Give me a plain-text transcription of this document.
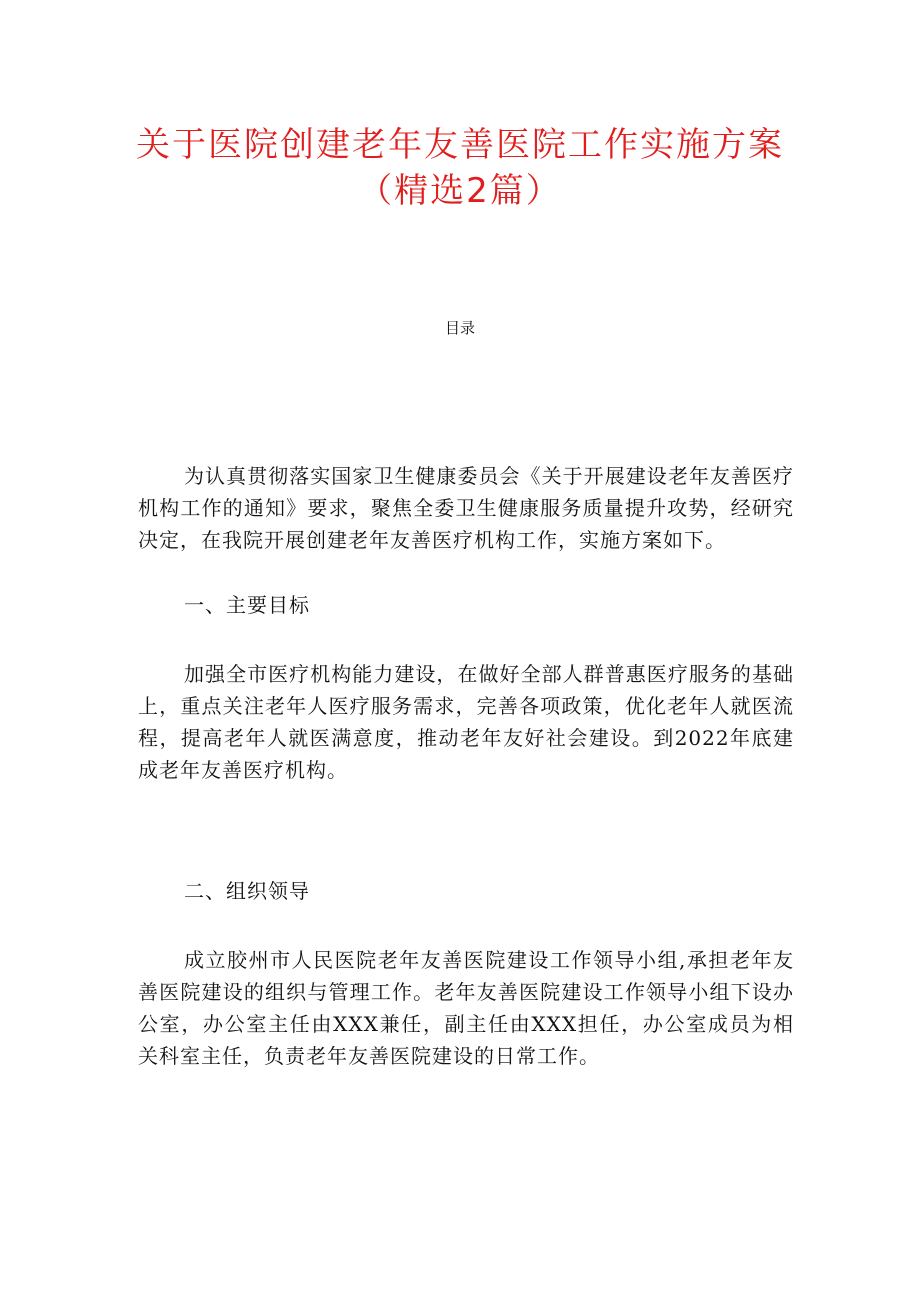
关于医院创建老年友善医院工作实施方案（精选2篇）
目录

为认真贯彻落实国家卫生健康委员会《关于开展建设老年友善医疗机构工作的通知》要求，聚焦全委卫生健康服务质量提升攻势，经研究决定，在我院开展创建老年友善医疗机构工作，实施方案如下。

一、主要目标

加强全市医疗机构能力建设，在做好全部人群普惠医疗服务的基础上，重点关注老年人医疗服务需求，完善各项政策，优化老年人就医流程，提高老年人就医满意度，推动老年友好社会建设。到2022年底建成老年友善医疗机构。

二、组织领导

成立胶州市人民医院老年友善医院建设工作领导小组,承担老年友善医院建设的组织与管理工作。老年友善医院建设工作领导小组下设办公室，办公室主任由XXX兼任，副主任由XXX担任，办公室成员为相关科室主任，负责老年友善医院建设的日常工作。
